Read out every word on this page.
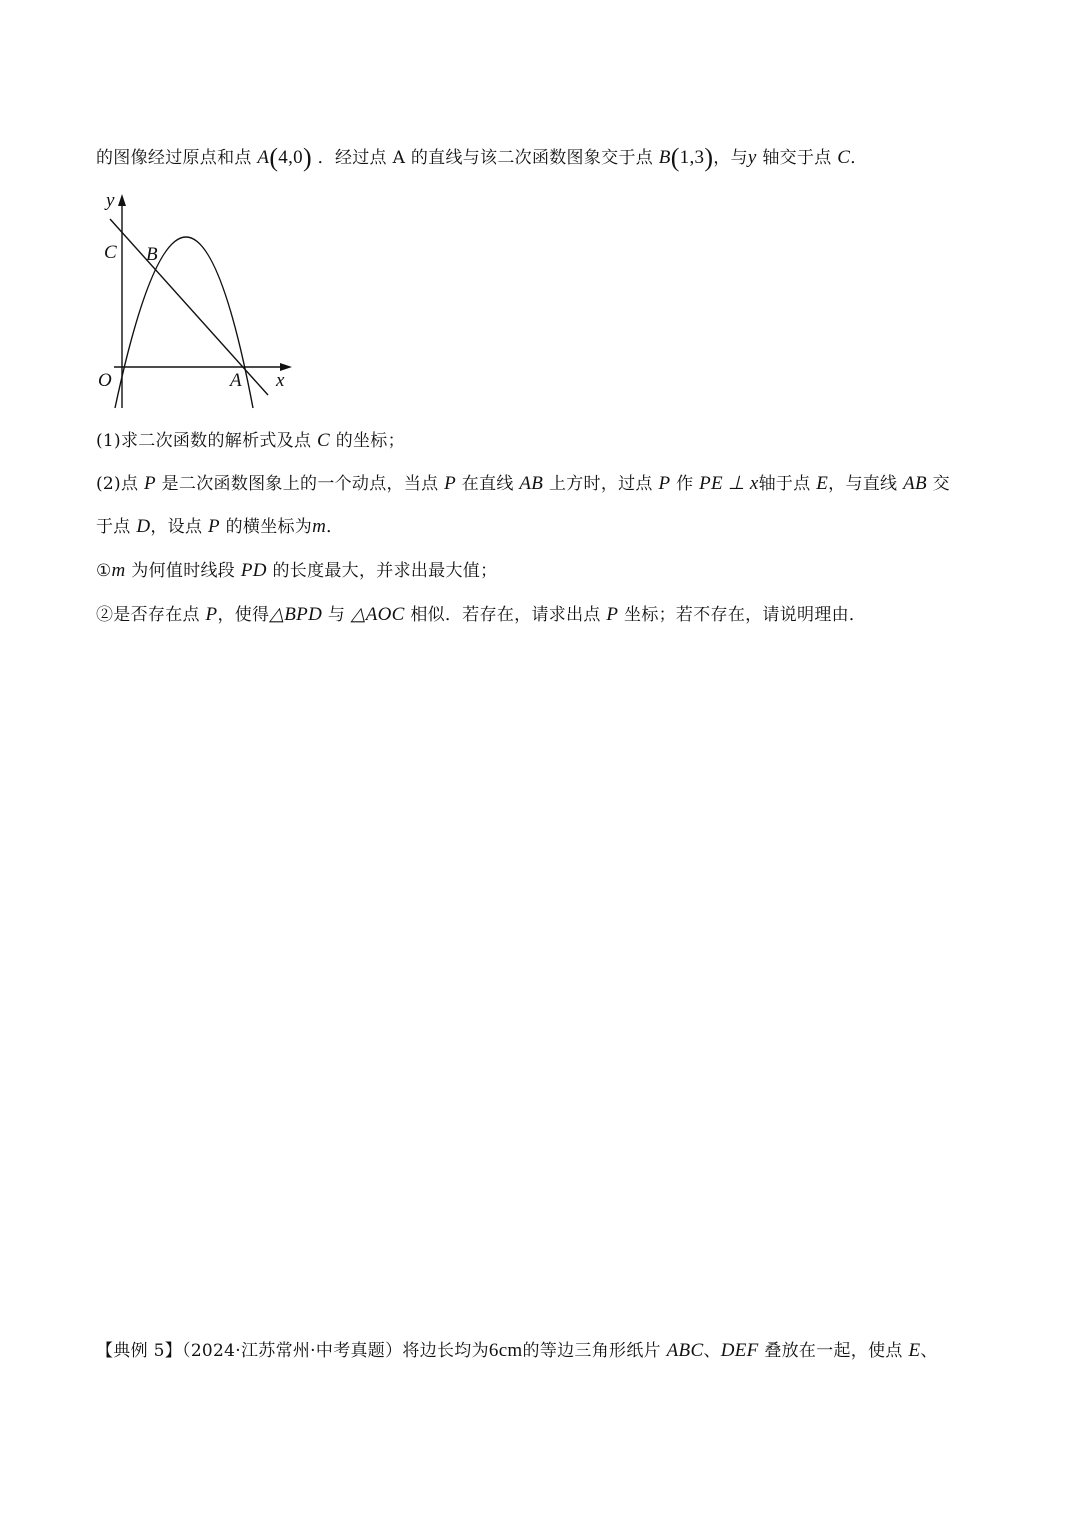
的图像经过原点和点 A(4,0) ．经过点 A 的直线与该二次函数图象交于点 B(1,3)，与y 轴交于点 C．
y
x
C B
O	A
(1)求二次函数的解析式及点 C 的坐标；
(2)点 P 是二次函数图象上的一个动点，当点 P 在直线 AB 上方时，过点 P 作 PE ⊥ x轴于点 E，与直线 AB 交
于点 D，设点 P 的横坐标为m．
①m 为何值时线段 PD 的长度最大，并求出最大值；
②是否存在点 P，使得△BPD 与 △AOC 相似．若存在，请求出点 P 坐标；若不存在，请说明理由．
【典例 5】（2024·江苏常州·中考真题）将边长均为6cm的等边三角形纸片 ABC、DEF 叠放在一起，使点 E、
